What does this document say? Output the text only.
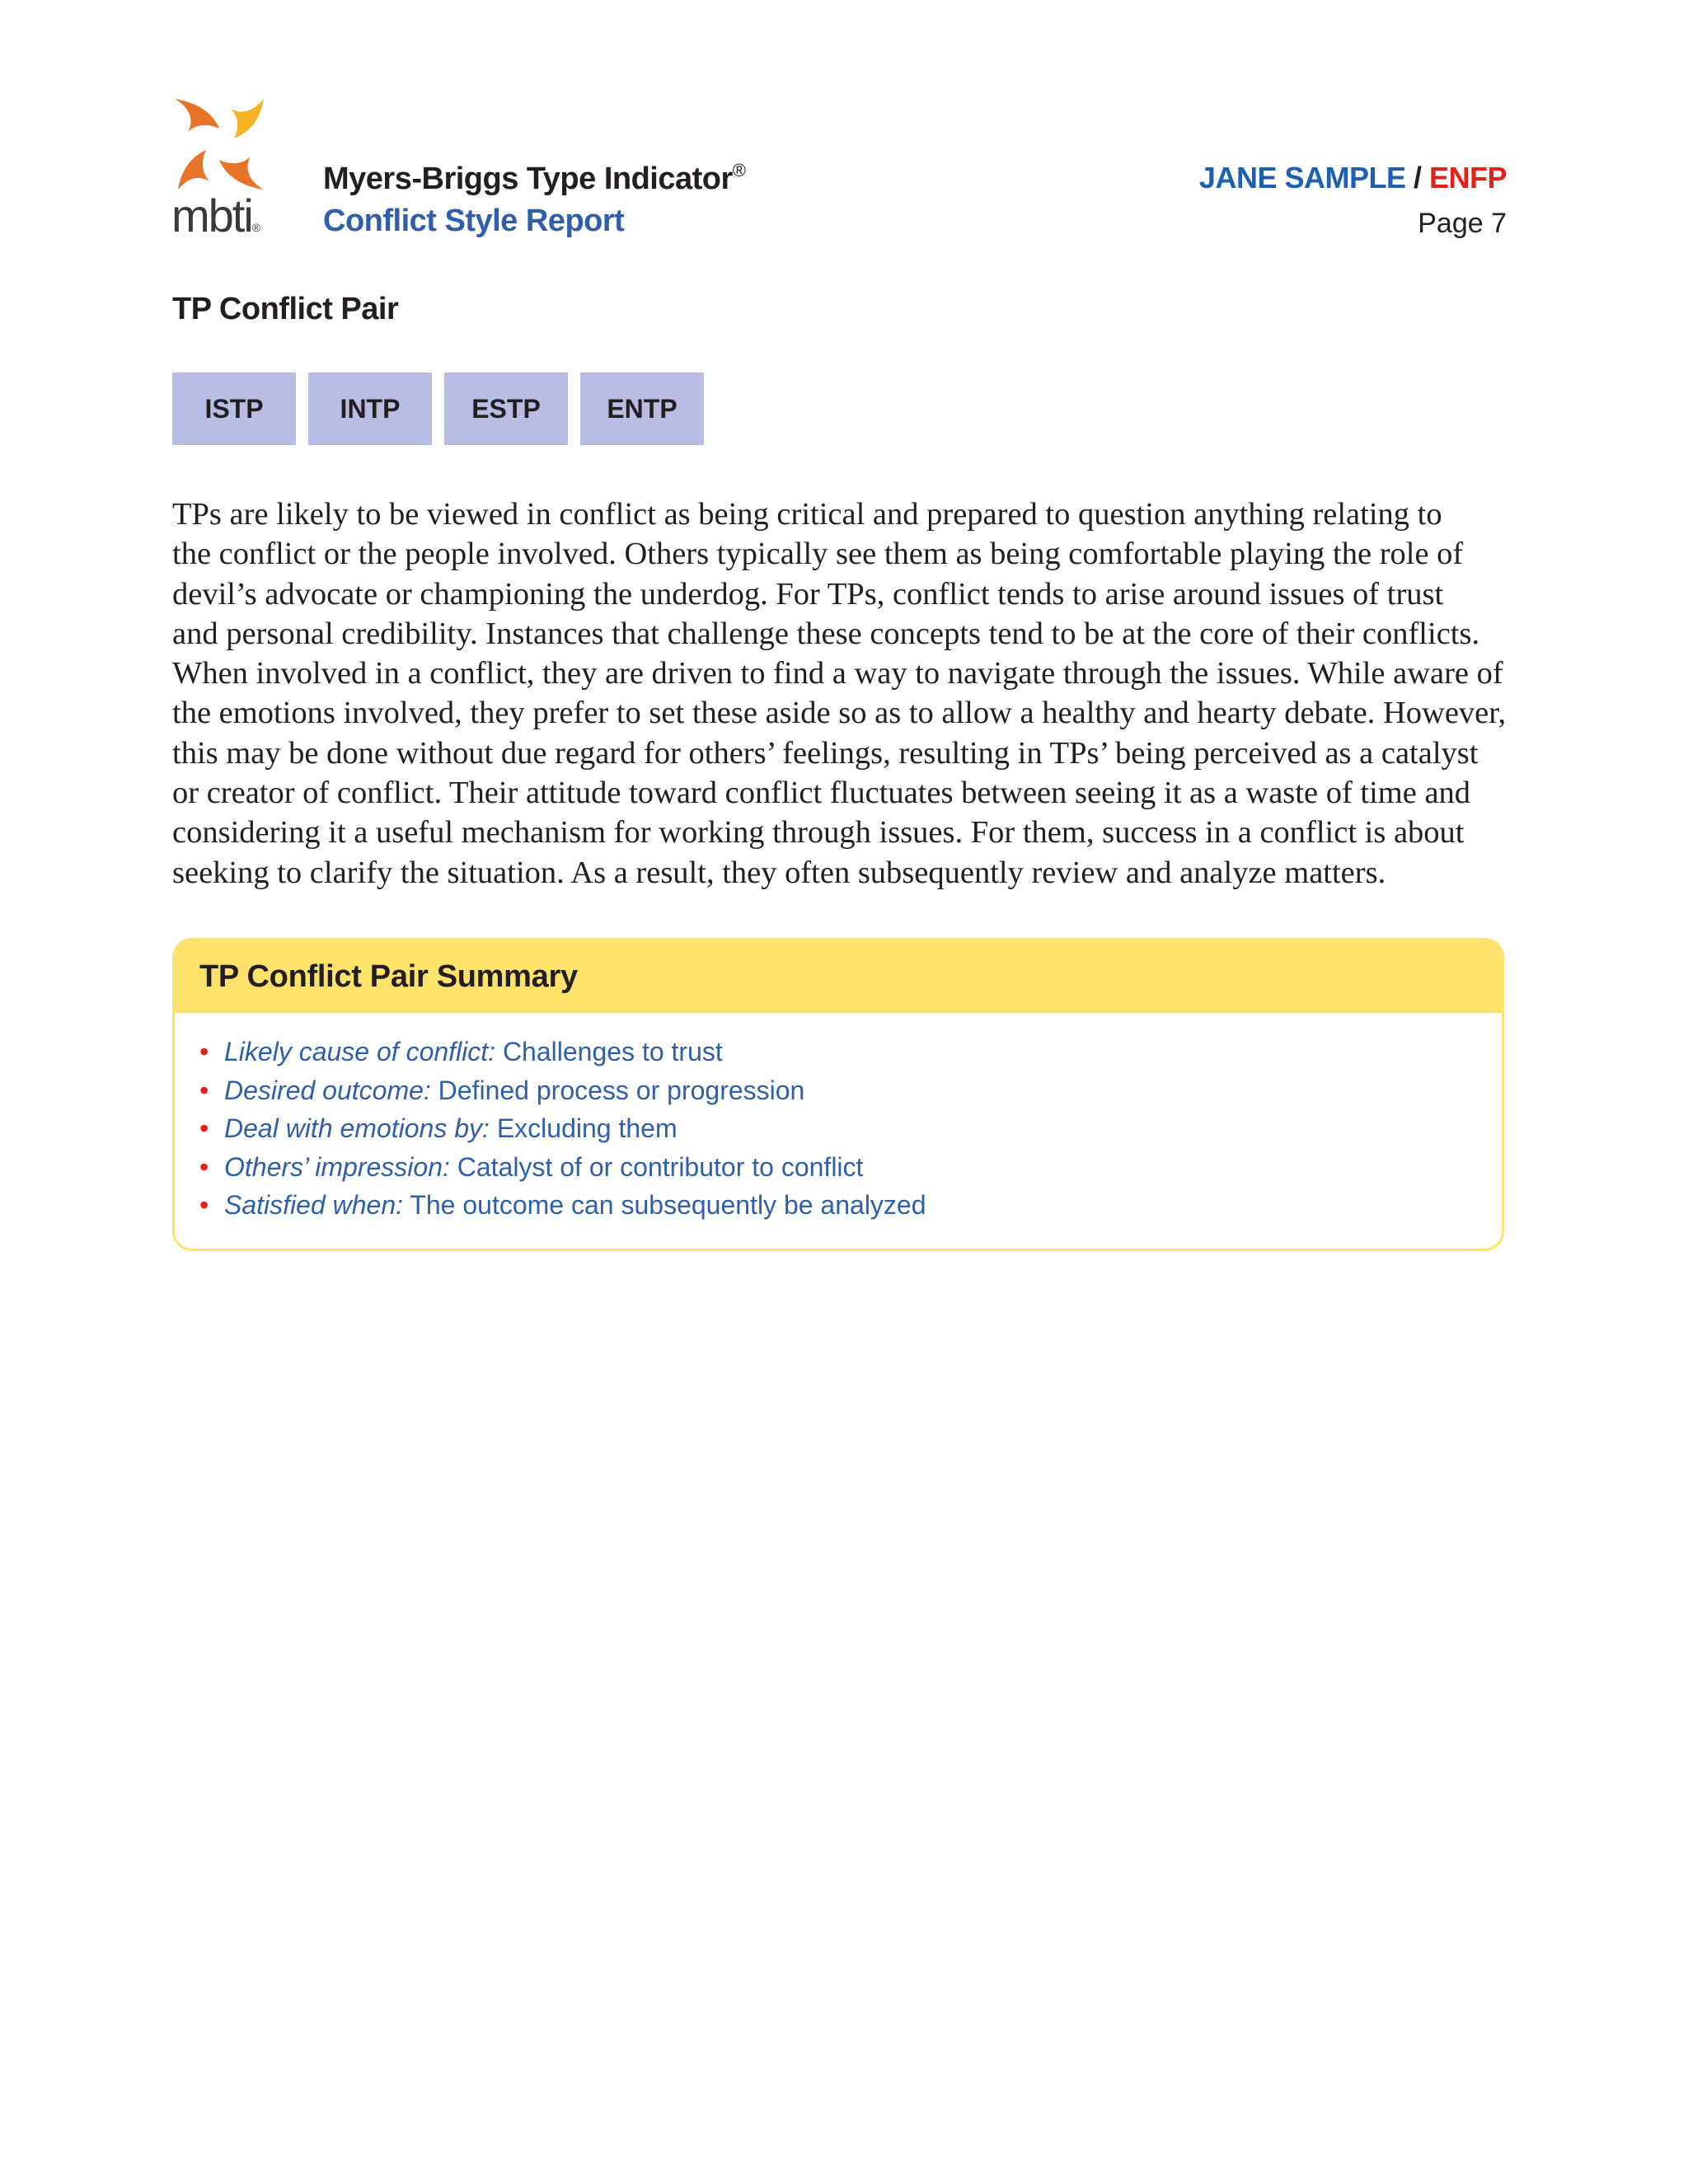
mbti®
Myers-Briggs Type Indicator®
Conflict Style Report
JANE SAMPLE / ENFP
Page 7
TP Conflict Pair
ISTP	INTP	ESTP	ENTP
TPs are likely to be viewed in conflict as being critical and prepared to question anything relating to
the conflict or the people involved. Others typically see them as being comfortable playing the role of
devil’s advocate or championing the underdog. For TPs, conflict tends to arise around issues of trust
and personal credibility. Instances that challenge these concepts tend to be at the core of their conflicts.
When involved in a conflict, they are driven to find a way to navigate through the issues. While aware of
the emotions involved, they prefer to set these aside so as to allow a healthy and hearty debate. However,
this may be done without due regard for others’ feelings, resulting in TPs’ being perceived as a catalyst
or creator of conflict. Their attitude toward conflict fluctuates between seeing it as a waste of time and
considering it a useful mechanism for working through issues. For them, success in a conflict is about
seeking to clarify the situation. As a result, they often subsequently review and analyze matters.
TP Conflict Pair Summary
• Likely cause of conflict: Challenges to trust
• Desired outcome: Defined process or progression
• Deal with emotions by: Excluding them
• Others’ impression: Catalyst of or contributor to conflict
• Satisfied when: The outcome can subsequently be analyzed
